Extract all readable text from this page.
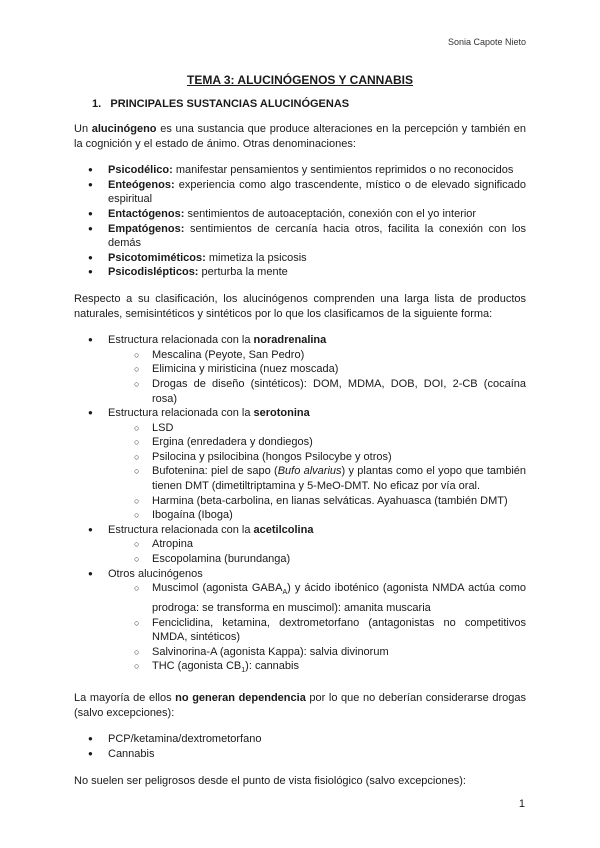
Sonia Capote Nieto
TEMA 3: ALUCINÓGENOS Y CANNABIS
1. PRINCIPALES SUSTANCIAS ALUCINÓGENAS

Un alucinógeno es una sustancia que produce alteraciones en la percepción y también en la cognición y el estado de ánimo. Otras denominaciones:

● Psicodélico: manifestar pensamientos y sentimientos reprimidos o no reconocidos
● Enteógenos: experiencia como algo trascendente, místico o de elevado significado espiritual
● Entactógenos: sentimientos de autoaceptación, conexión con el yo interior
● Empatógenos: sentimientos de cercanía hacia otros, facilita la conexión con los demás
● Psicotomiméticos: mimetiza la psicosis
● Psicodislépticos: perturba la mente

Respecto a su clasificación, los alucinógenos comprenden una larga lista de productos naturales, semisintéticos y sintéticos por lo que los clasificamos de la siguiente forma:

● Estructura relacionada con la noradrenalina
○ Mescalina (Peyote, San Pedro)
○ Elimicina y miristicina (nuez moscada)
○ Drogas de diseño (sintéticos): DOM, MDMA, DOB, DOI, 2-CB (cocaína rosa)
● Estructura relacionada con la serotonina
○ LSD
○ Ergina (enredadera y dondiegos)
○ Psilocina y psilocibina (hongos Psilocybe y otros)
○ Bufotenina: piel de sapo (Bufo alvarius) y plantas como el yopo que también tienen DMT (dimetiltriptamina y 5-MeO-DMT. No eficaz por vía oral.
○ Harmina (beta-carbolina, en lianas selváticas. Ayahuasca (también DMT)
○ Ibogaína (Iboga)
● Estructura relacionada con la acetilcolina
○ Atropina
○ Escopolamina (burundanga)
● Otros alucinógenos
○ Muscimol (agonista $GABA_A$) y ácido iboténico (agonista NMDA actúa como prodroga: se transforma en muscimol): amanita muscaria
○ Fenciclidina, ketamina, dextrometorfano (antagonistas no competitivos NMDA, sintéticos)
○ Salvinorina-A (agonista Kappa): salvia divinorum
○ THC (agonista $CB_1$): cannabis

La mayoría de ellos no generan dependencia por lo que no deberían considerarse drogas (salvo excepciones):

● PCP/ketamina/dextrometorfano
● Cannabis

No suelen ser peligrosos desde el punto de vista fisiológico (salvo excepciones):

1
